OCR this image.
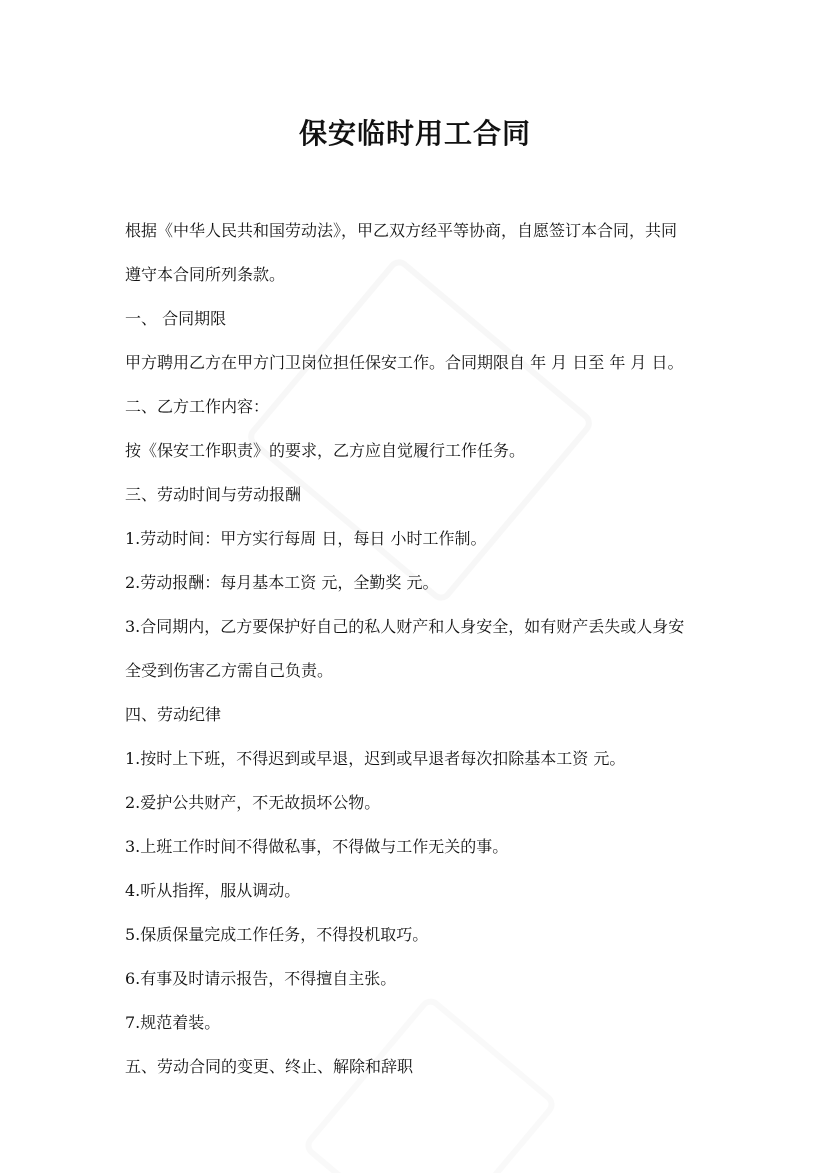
保安临时用工合同
根据《中华人民共和国劳动法》，甲乙双方经平等协商，自愿签订本合同，共同
遵守本合同所列条款。
一、 合同期限
甲方聘用乙方在甲方门卫岗位担任保安工作。合同期限自 年 月 日至 年 月 日。
二、乙方工作内容：
按《保安工作职责》的要求，乙方应自觉履行工作任务。
三、劳动时间与劳动报酬
1.劳动时间：甲方实行每周 日，每日 小时工作制。
2.劳动报酬：每月基本工资 元，全勤奖 元。
3.合同期内，乙方要保护好自己的私人财产和人身安全，如有财产丢失或人身安
全受到伤害乙方需自己负责。
四、劳动纪律
1.按时上下班，不得迟到或早退，迟到或早退者每次扣除基本工资 元。
2.爱护公共财产，不无故损坏公物。
3.上班工作时间不得做私事，不得做与工作无关的事。
4.听从指挥，服从调动。
5.保质保量完成工作任务，不得投机取巧。
6.有事及时请示报告，不得擅自主张。
7.规范着装。
五、劳动合同的变更、终止、解除和辞职
